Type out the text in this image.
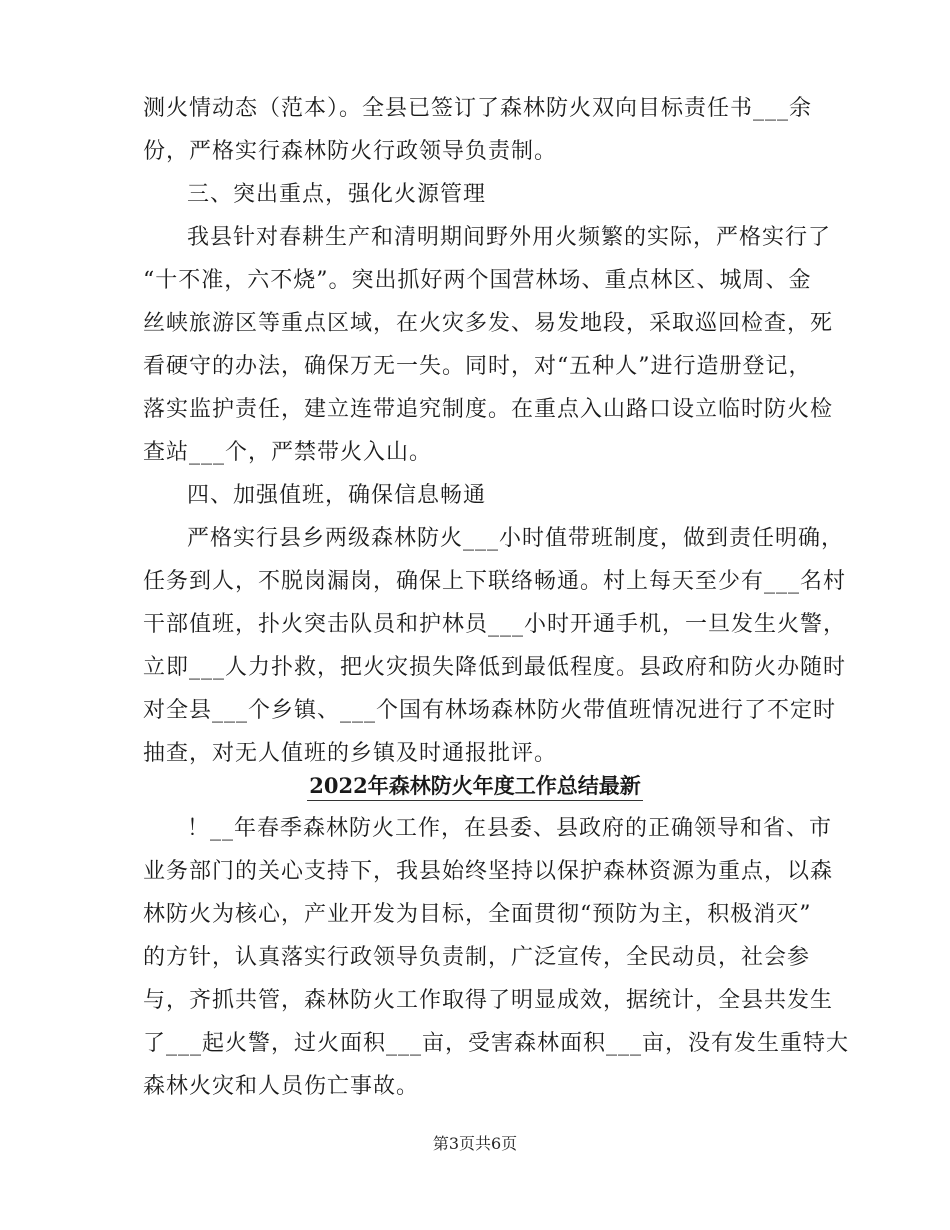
测火情动态（范本）。全县已签订了森林防火双向目标责任书___余
份，严格实行森林防火行政领导负责制。
三、突出重点，强化火源管理
我县针对春耕生产和清明期间野外用火频繁的实际，严格实行了
“十不准，六不烧”。突出抓好两个国营林场、重点林区、城周、金
丝峡旅游区等重点区域，在火灾多发、易发地段，采取巡回检查，死
看硬守的办法，确保万无一失。同时，对“五种人”进行造册登记，
落实监护责任，建立连带追究制度。在重点入山路口设立临时防火检
查站___个，严禁带火入山。
四、加强值班，确保信息畅通
严格实行县乡两级森林防火___小时值带班制度，做到责任明确，
任务到人，不脱岗漏岗，确保上下联络畅通。村上每天至少有___名村
干部值班，扑火突击队员和护林员___小时开通手机，一旦发生火警，
立即___人力扑救，把火灾损失降低到最低程度。县政府和防火办随时
对全县___个乡镇、___个国有林场森林防火带值班情况进行了不定时
抽查，对无人值班的乡镇及时通报批评。
2022年森林防火年度工作总结最新
！__年春季森林防火工作，在县委、县政府的正确领导和省、市
业务部门的关心支持下，我县始终坚持以保护森林资源为重点，以森
林防火为核心，产业开发为目标，全面贯彻“预防为主，积极消灭”
的方针，认真落实行政领导负责制，广泛宣传，全民动员，社会参
与，齐抓共管，森林防火工作取得了明显成效，据统计，全县共发生
了___起火警，过火面积___亩，受害森林面积___亩，没有发生重特大
森林火灾和人员伤亡事故。
第3页共6页
